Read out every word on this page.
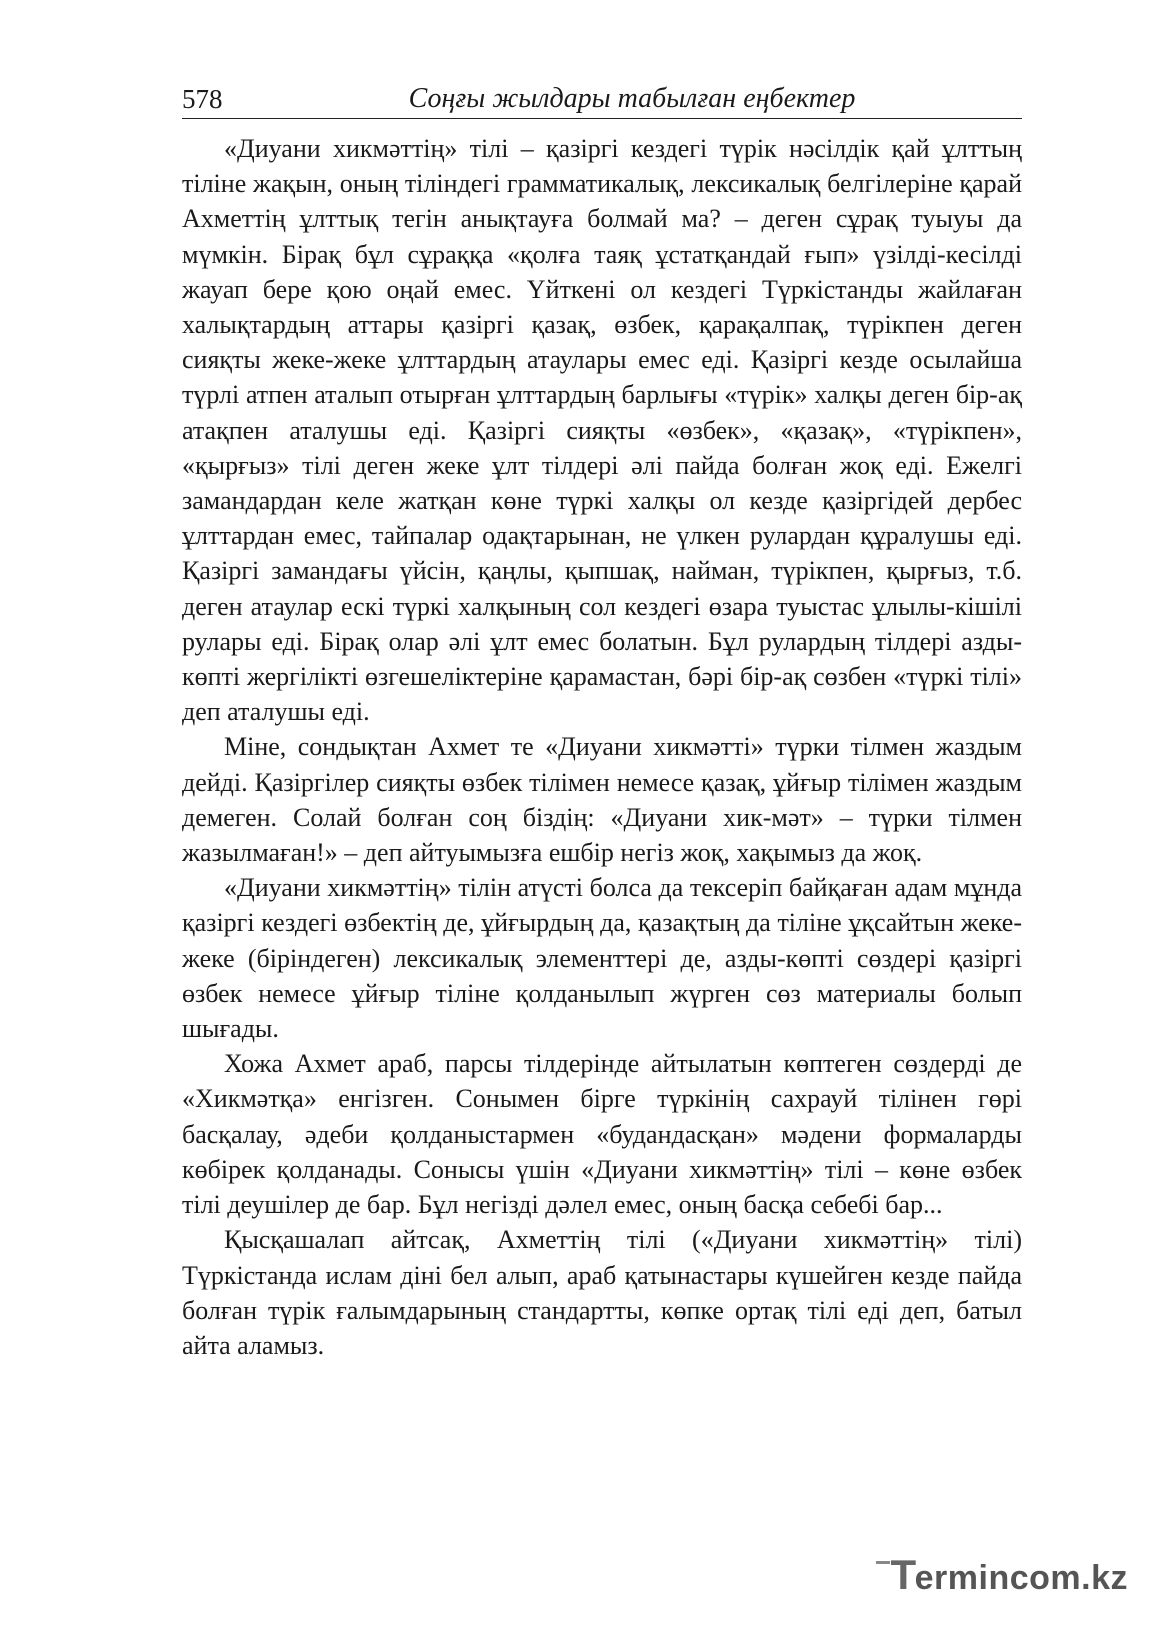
578	Соңғы жылдары табылған еңбектер

«Диуани хикмəттің» тілі – қазіргі кездегі түрік нəсілдік қай ұлттың тіліне жақын, оның тіліндегі грамматикалық, лексикалық белгілеріне қарай Ахметтің ұлттық тегін анықтауға болмай ма? – деген сұрақ туыуы да мүмкін. Бірақ бұл сұраққа «қолға таяқ ұстатқандай ғып» үзілді-кесілді жауап бере қою оңай емес. Үйткені ол кездегі Түркістанды жайлаған халықтардың аттары қазіргі қазақ, өзбек, қарақалпақ, түрікпен деген сияқты жеке-жеке ұлттардың атаулары емес еді. Қазіргі кезде осылайша түрлі атпен аталып отырған ұлттардың барлығы «түрік» халқы деген бір-ақ атақпен аталушы еді. Қазіргі сияқты «өзбек», «қазақ», «түрікпен», «қырғыз» тілі деген жеке ұлт тілдері əлі пайда болған жоқ еді. Ежелгі замандардан келе жатқан көне түркі халқы ол кезде қазіргідей дербес ұлттардан емес, тайпалар одақтарынан, не үлкен рулардан құралушы еді. Қазіргі замандағы үйсін, қаңлы, қыпшақ, найман, түрікпен, қырғыз, т.б. деген атаулар ескі түркі халқының сол кездегі өзара туыстас ұлылы-кішілі рулары еді. Бірақ олар əлі ұлт емес болатын. Бұл рулардың тілдері азды-көпті жергілікті өзгешеліктеріне қарамастан, бəрі бір-ақ сөзбен «түркі тілі» деп аталушы еді.

Міне, сондықтан Ахмет те «Диуани хикмəтті» түрки тілмен жаздым дейді. Қазіргілер сияқты өзбек тілімен немесе қазақ, ұйғыр тілімен жаздым демеген. Солай болған соң біздің: «Диуани хик-мəт» – түрки тілмен жазылмаған!» – деп айтуымызға ешбір негіз жоқ, хақымыз да жоқ.

«Диуани хикмəттің» тілін атүсті болса да тексеріп байқаған адам мұнда қазіргі кездегі өзбектің де, ұйғырдың да, қазақтың да тіліне ұқсайтын жеке-жеке (біріндеген) лексикалық элементтері де, азды-көпті сөздері қазіргі өзбек немесе ұйғыр тіліне қолданылып жүрген сөз материалы болып шығады.

Хожа Ахмет араб, парсы тілдерінде айтылатын көптеген сөздерді де «Хикмəтқа» енгізген. Сонымен бірге түркінің сахрауй тілінен гөрі басқалау, əдеби қолданыстармен «будандасқан» мəдени формаларды көбірек қолданады. Сонысы үшін «Диуани хикмəттің» тілі – көне өзбек тілі деушілер де бар. Бұл негізді дəлел емес, оның басқа себебі бар...

Қысқашалап айтсақ, Ахметтің тілі («Диуани хикмəттің» тілі) Түркістанда ислам діні бел алып, араб қатынастары күшейген кезде пайда болған түрік ғалымдарының стандартты, көпке ортақ тілі еді деп, батыл айта аламыз.

T
ermincom.kz
